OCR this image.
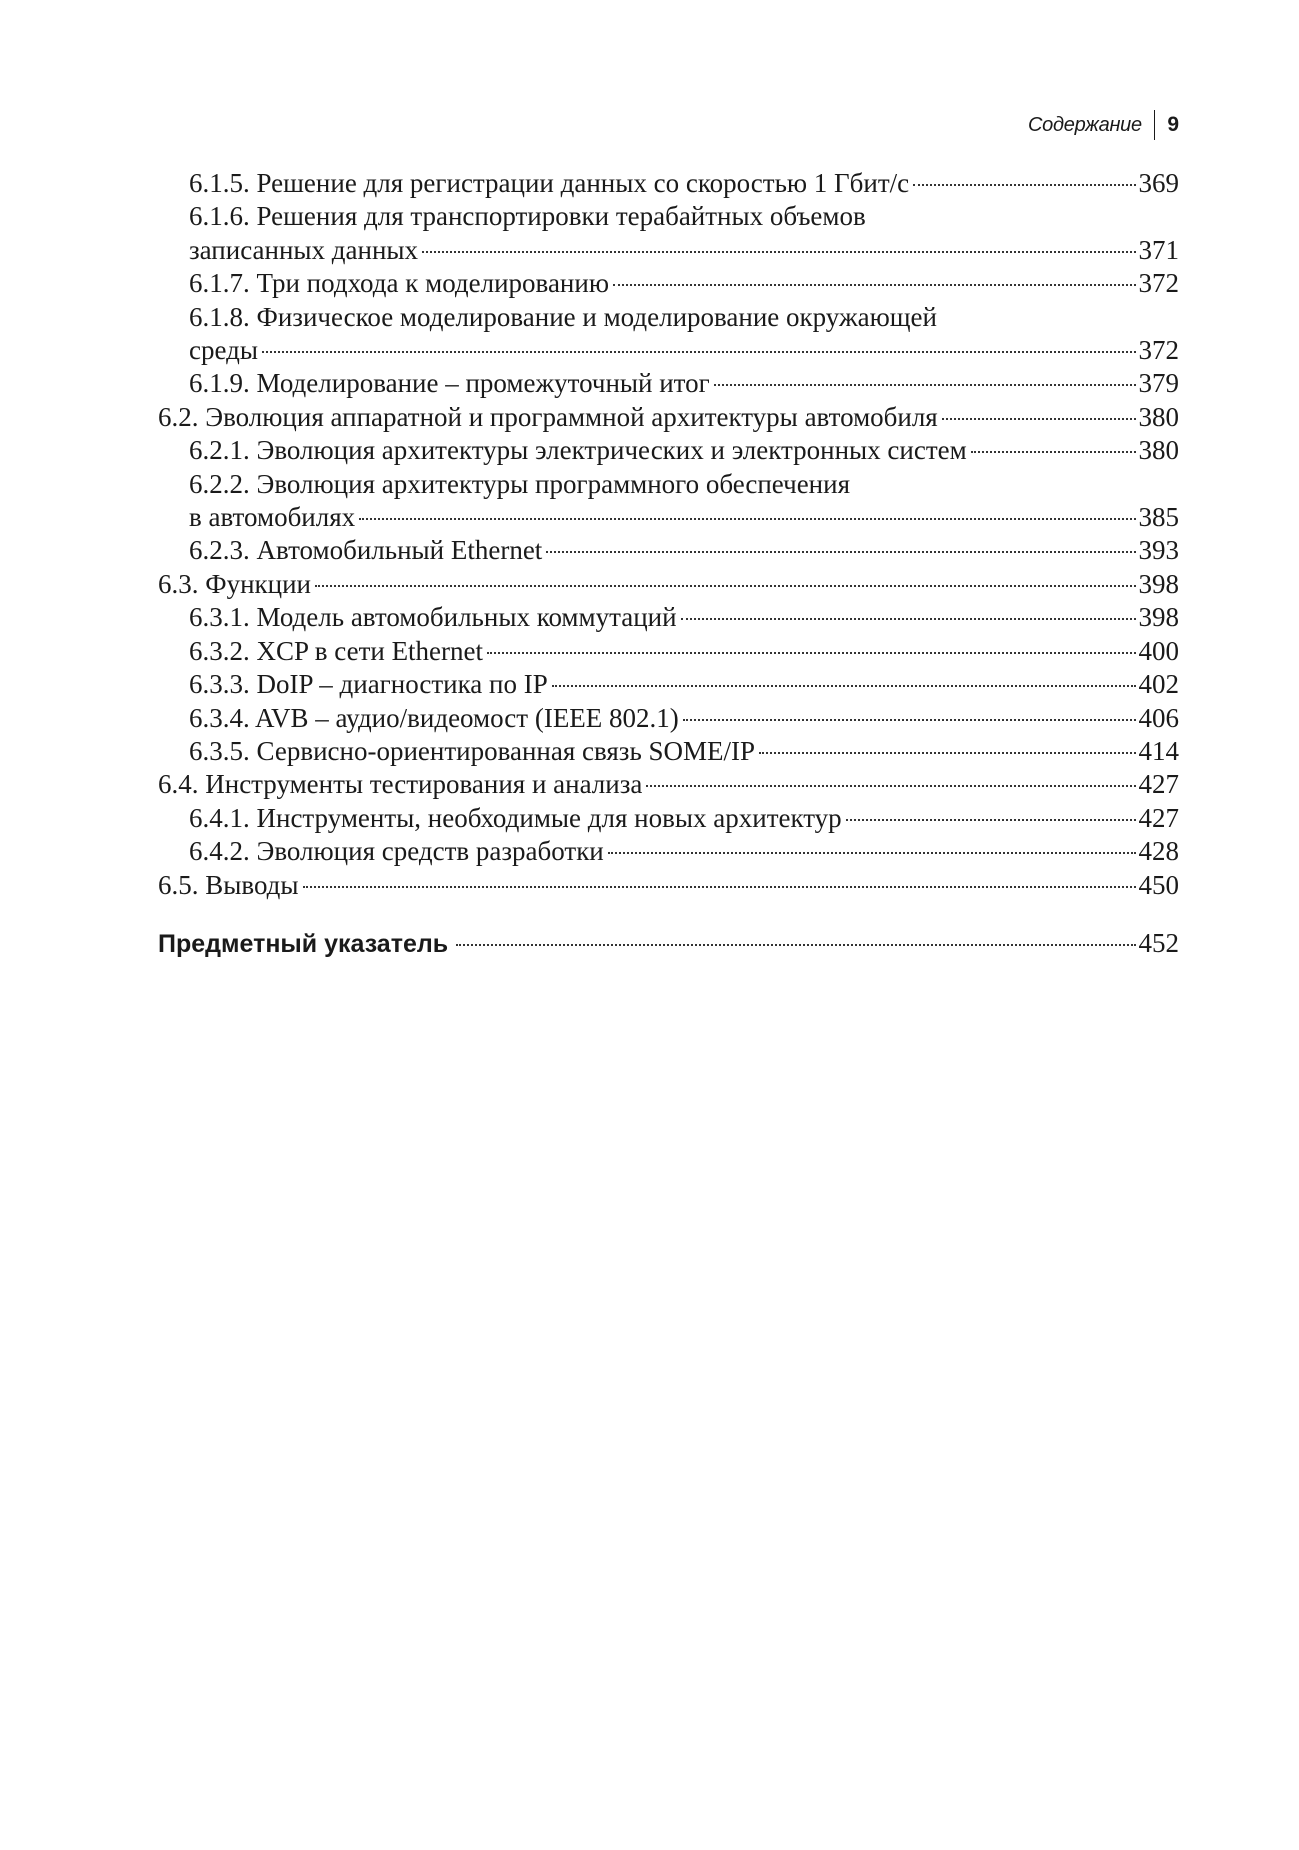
Содержание 9
6.1.5. Решение для регистрации данных со скоростью 1 Гбит/с	369
6.1.6. Решения для транспортировки терабайтных объемов
записанных данных	371
6.1.7. Три подхода к моделированию	372
6.1.8. Физическое моделирование и моделирование окружающей
среды	372
6.1.9. Моделирование – промежуточный итог	379
6.2. Эволюция аппаратной и программной архитектуры автомобиля	380
6.2.1. Эволюция архитектуры электрических и электронных систем	380
6.2.2. Эволюция архитектуры программного обеспечения
в автомобилях	385
6.2.3. Автомобильный Ethernet	393
6.3. Функции	398
6.3.1. Модель автомобильных коммутаций	398
6.3.2. XCP в сети Ethernet	400
6.3.3. DoIP – диагностика по IP	402
6.3.4. AVB – аудио/видеомост (IEEE 802.1)	406
6.3.5. Сервисно-ориентированная связь SOME/IP	414
6.4. Инструменты тестирования и анализа	427
6.4.1. Инструменты, необходимые для новых архитектур	427
6.4.2. Эволюция средств разработки	428
6.5. Выводы	450
Предметный указатель	452
